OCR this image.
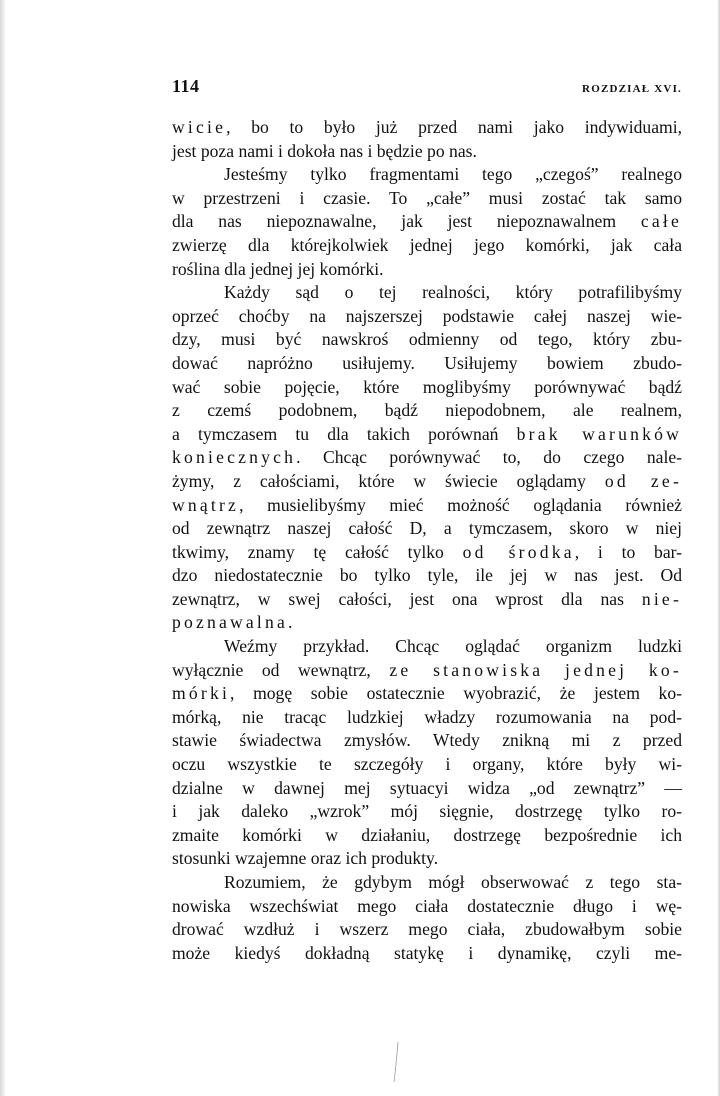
114	ROZDZIAŁ XVI.
wicie, bo to było już przed nami jako indywiduami,
jest poza nami i dokoła nas i będzie po nas.
Jesteśmy tylko fragmentami tego „czegoś” realnego
w przestrzeni i czasie. To „całe” musi zostać tak samo
dla nas niepoznawalne, jak jest niepoznawalnem całe
zwierzę dla którejkolwiek jednej jego komórki, jak cała
roślina dla jednej jej komórki.
Każdy sąd o tej realności, który potrafilibyśmy
oprzeć choćby na najszerszej podstawie całej naszej wie-
dzy, musi być nawskroś odmienny od tego, który zbu-
dować napróżno usiłujemy. Usiłujemy bowiem zbudo-
wać sobie pojęcie, które moglibyśmy porównywać bądź
z czemś podobnem, bądź niepodobnem, ale realnem,
a tymczasem tu dla takich porównań brak warunków
koniecznych. Chcąc porównywać to, do czego nale-
żymy, z całościami, które w świecie oglądamy od ze-
wnątrz, musielibyśmy mieć możność oglądania również
od zewnątrz naszej całość D, a tymczasem, skoro w niej
tkwimy, znamy tę całość tylko od środka, i to bar-
dzo niedostatecznie bo tylko tyle, ile jej w nas jest. Od
zewnątrz, w swej całości, jest ona wprost dla nas nie-
poznawalna.
Weźmy przykład. Chcąc oglądać organizm ludzki
wyłącznie od wewnątrz, ze stanowiska jednej ko-
mórki, mogę sobie ostatecznie wyobrazić, że jestem ko-
mórką, nie tracąc ludzkiej władzy rozumowania na pod-
stawie świadectwa zmysłów. Wtedy znikną mi z przed
oczu wszystkie te szczegóły i organy, które były wi-
dzialne w dawnej mej sytuacyi widza „od zewnątrz” —
i jak daleko „wzrok” mój sięgnie, dostrzegę tylko ro-
zmaite komórki w działaniu, dostrzegę bezpośrednie ich
stosunki wzajemne oraz ich produkty.
Rozumiem, że gdybym mógł obserwować z tego sta-
nowiska wszechświat mego ciała dostatecznie długo i wę-
drować wzdłuż i wszerz mego ciała, zbudowałbym sobie
może kiedyś dokładną statykę i dynamikę, czyli me-
